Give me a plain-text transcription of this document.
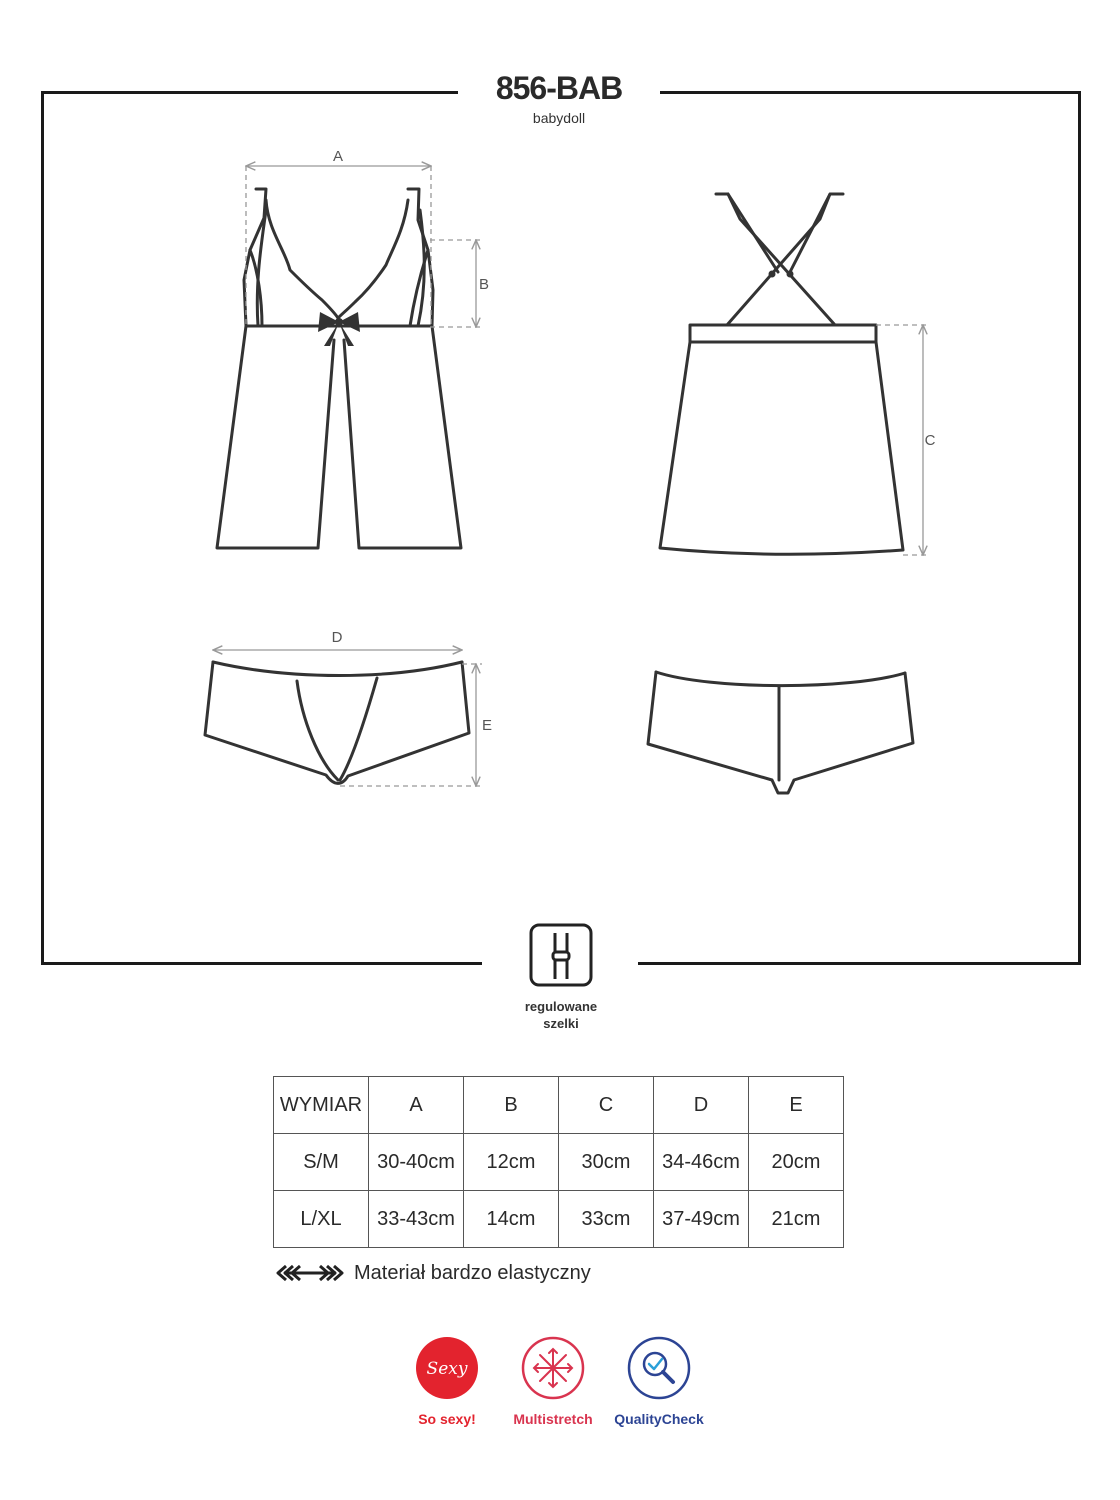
856-BAB
babydoll
A
B
C
D
E
regulowane
szelki
WYMIAR	A	B	C	D	E
S/M	30-40cm	12cm	30cm	34-46cm	20cm
L/XL	33-43cm	14cm	33cm	37-49cm	21cm
Materiał bardzo elastyczny
Sexy
So sexy!	Multistretch	QualityCheck
